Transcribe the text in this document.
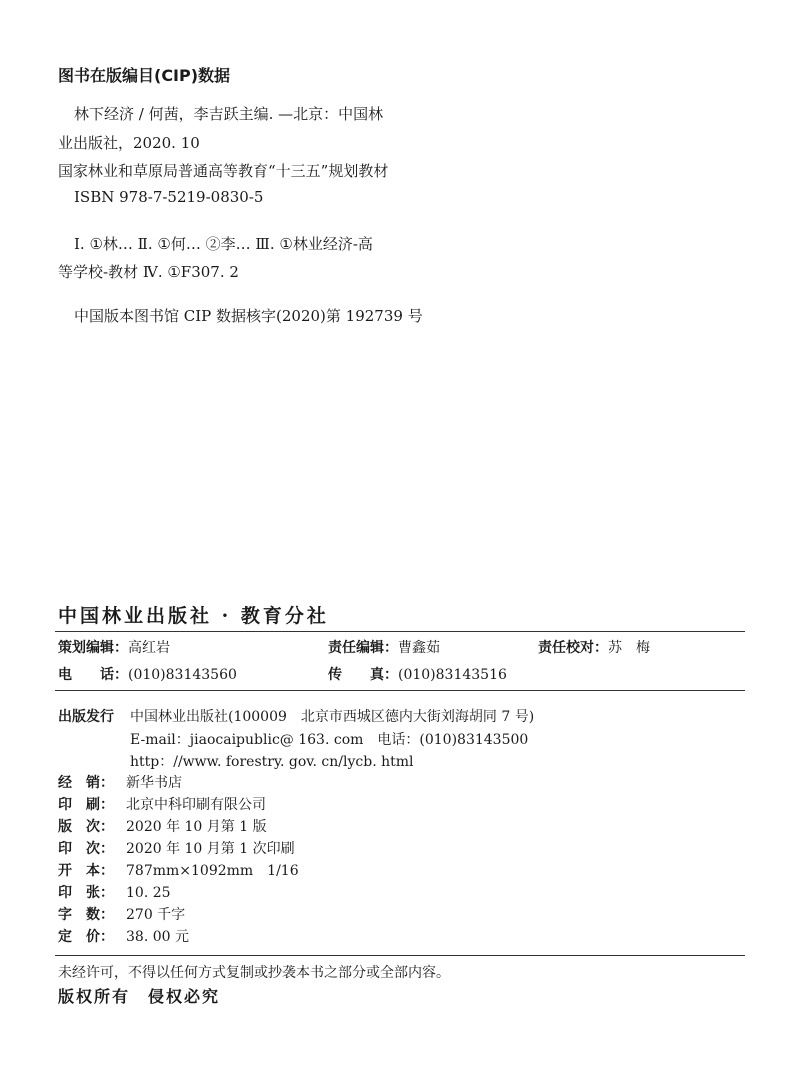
图书在版编目(CIP)数据
林下经济 / 何茜，李吉跃主编. —北京：中国林
业出版社，2020. 10
国家林业和草原局普通高等教育“十三五”规划教材
ISBN 978-7-5219-0830-5
Ⅰ. ①林… Ⅱ. ①何… ②李… Ⅲ. ①林业经济-高
等学校-教材 Ⅳ. ①F307. 2
中国版本图书馆 CIP 数据核字(2020)第 192739 号
中国林业出版社 · 教育分社
策划编辑：高红岩	责任编辑：曹鑫茹	责任校对：苏　梅
电 话：(010)83143560	传 真：(010)83143516
出版发行 中国林业出版社(100009　北京市西城区德内大街刘海胡同 7 号)
E-mail：jiaocaipublic@ 163. com　电话：(010)83143500
http：//www. forestry. gov. cn/lycb. html
经　销： 新华书店
印　刷： 北京中科印刷有限公司
版　次： 2020 年 10 月第 1 版
印　次： 2020 年 10 月第 1 次印刷
开　本： 787mm×1092mm　1/16
印　张： 10. 25
字　数： 270 千字
定　价： 38. 00 元
未经许可，不得以任何方式复制或抄袭本书之部分或全部内容。
版权所有　侵权必究
